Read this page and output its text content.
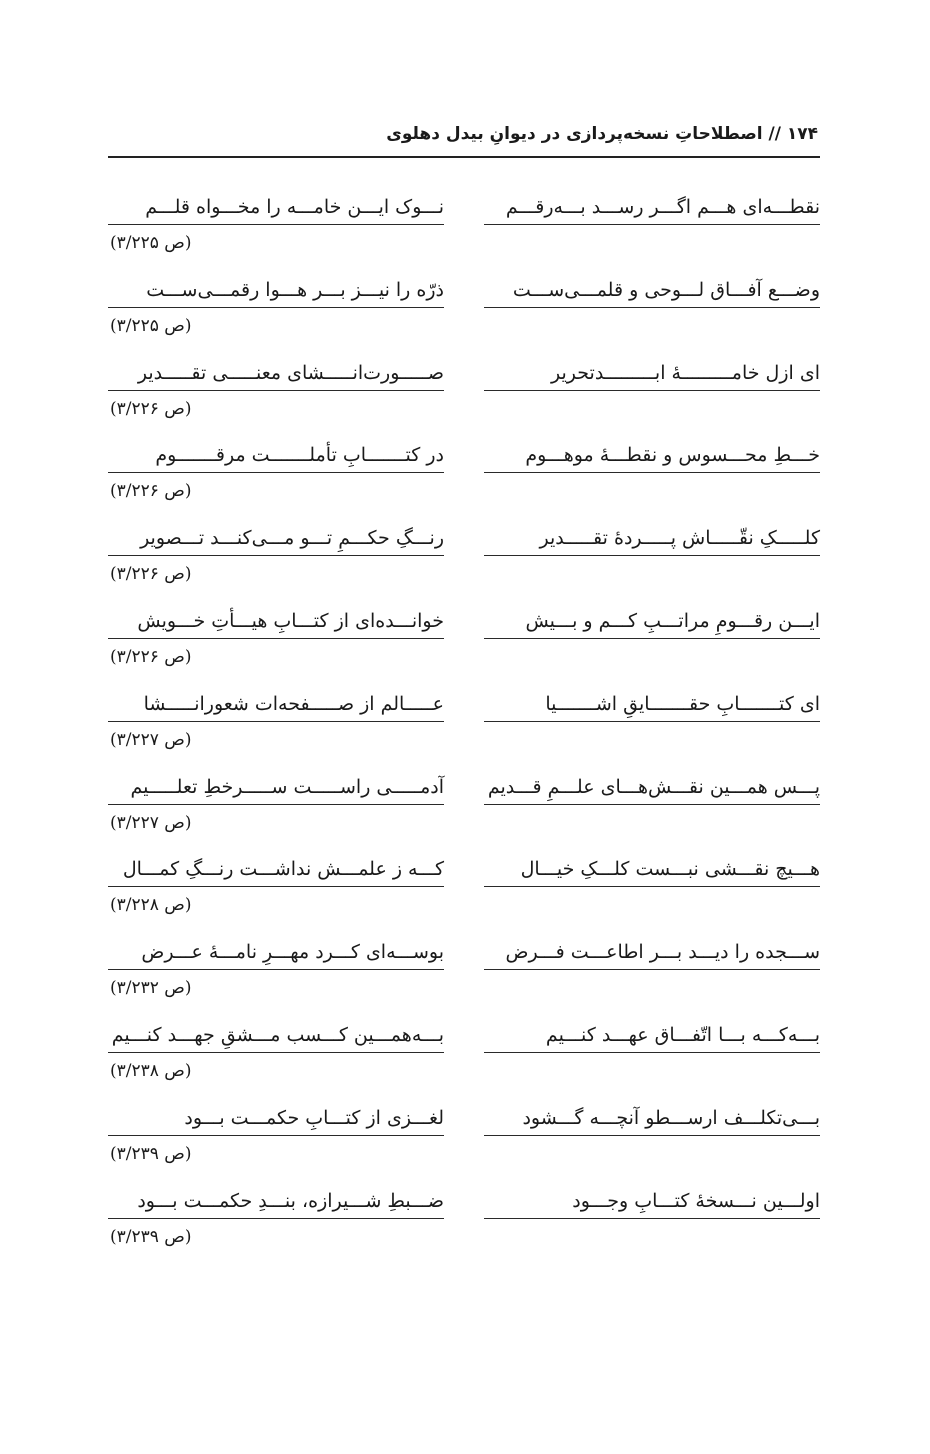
۱۷۴ // اصطلاحاتِ نسخه‌پردازی در دیوانِ بیدل دهلوی
نقطـــه‌ای هـــم اگـــر رســـد بـــه‌رقـــم
نـــوک ایـــن خامـــه را مخـــواه قلـــم
(ص ۳/۲۲۵)
وضـــع آفـــاق لـــوحی و قلمـــی‌ســـت
ذرّه را نیـــز بـــر هـــوا رقمـــی‌ســـت
(ص ۳/۲۲۵)
ای ازل خامـــــــــهٔ ابـــــــــدتحریر
صـــــورت‌انـــــشای معنـــــی تقـــــدیر
(ص ۳/۲۲۶)
خـــطِ محـــسوس و نقطـــهٔ موهـــوم
در کتـــــــابِ تأملـــــــت مرقـــــــوم
(ص ۳/۲۲۶)
کلـــــکِ نقّـــــاش پـــــردهٔ تقـــــدیر
رنـــگِ حکـــمِ تـــو مـــی‌کنـــد تـــصویر
(ص ۳/۲۲۶)
ایـــن رقـــومِ مراتـــبِ کـــم و بـــیش
خوانـــده‌ای از کتـــابِ هیـــأتِ خـــویش
(ص ۳/۲۲۶)
ای کتـــــــابِ حقـــــــایقِ اشـــــــیا
عـــــالم از صـــــفحه‌ات شعورانـــــشا
(ص ۳/۲۲۷)
پـــس همـــین نقـــش‌هـــای علـــمِ قـــدیم
آدمـــــی راســـــت ســـــرخطِ تعلـــــیم
(ص ۳/۲۲۷)
هـــیچ نقـــشی نبـــست کلـــکِ خیـــال
کـــه ز علمـــش نداشـــت رنـــگِ کمـــال
(ص ۳/۲۲۸)
ســـجده را دیـــد بـــر اطاعـــت فـــرض
بوســـه‌ای کـــرد مهـــرِ نامـــهٔ عـــرض
(ص ۳/۲۳۲)
بـــه‌کـــه بـــا اتّفـــاق عهـــد کنـــیم
بـــه‌همـــین کـــسب مـــشقِ جهـــد کنـــیم
(ص ۳/۲۳۸)
بـــی‌تکلـــف ارســـطو آنچـــه گـــشود
لغـــزی از کتـــابِ حکمـــت بـــود
(ص ۳/۲۳۹)
اولـــین نـــسخهٔ کتـــابِ وجـــود
ضـــبطِ شـــیرازه، بنـــدِ حکمـــت بـــود
(ص ۳/۲۳۹)
